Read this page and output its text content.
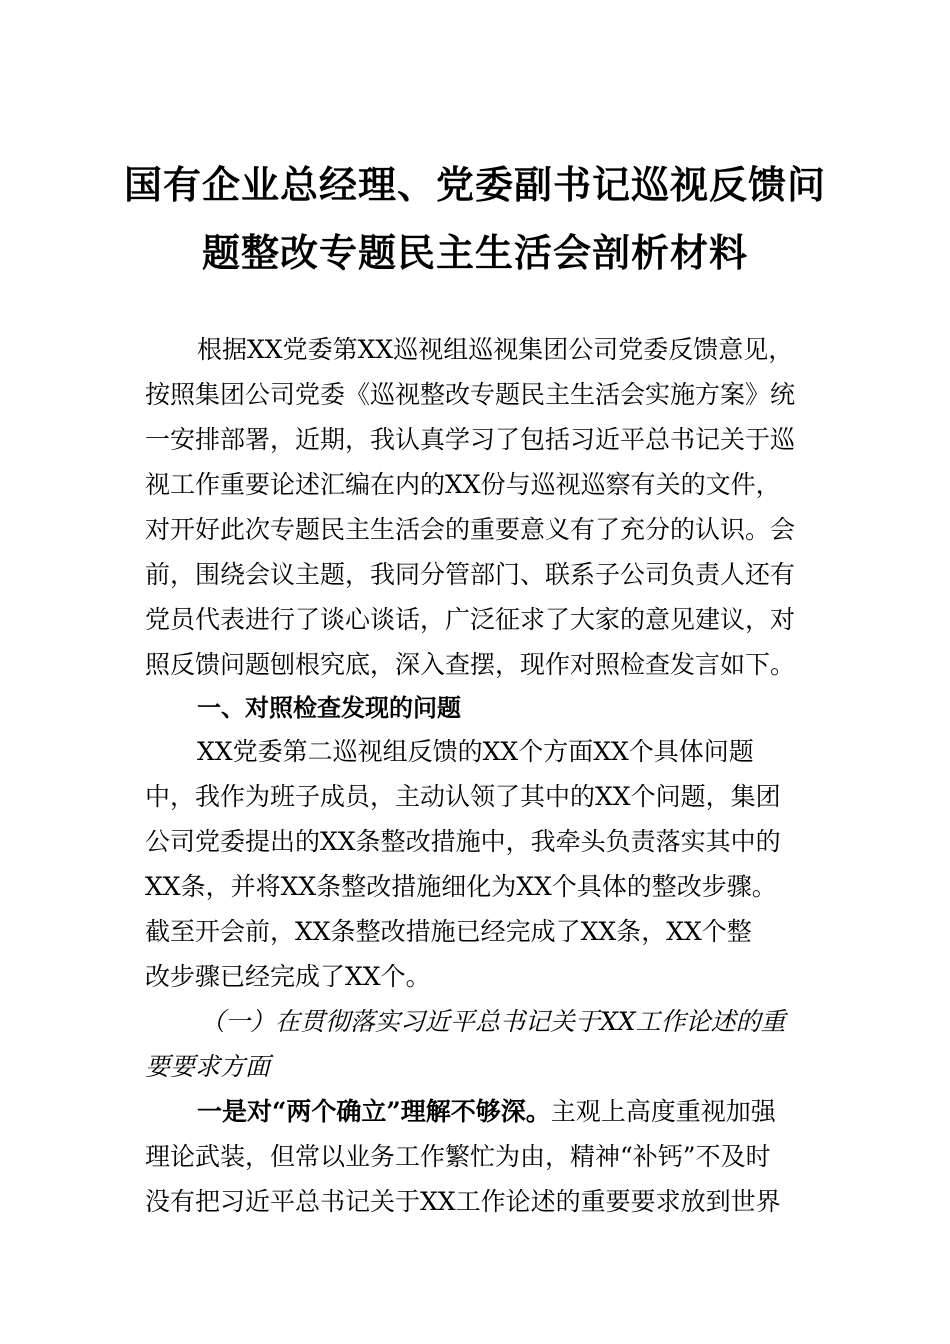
国有企业总经理、党委副书记巡视反馈问
题整改专题民主生活会剖析材料

根据XX党委第XX巡视组巡视集团公司党委反馈意见，

按照集团公司党委《巡视整改专题民主生活会实施方案》统

一安排部署，近期，我认真学习了包括习近平总书记关于巡

视工作重要论述汇编在内的XX份与巡视巡察有关的文件，

对开好此次专题民主生活会的重要意义有了充分的认识。会

前，围绕会议主题，我同分管部门、联系子公司负责人还有

党员代表进行了谈心谈话，广泛征求了大家的意见建议，对

照反馈问题刨根究底，深入查摆，现作对照检查发言如下。

一、对照检查发现的问题

XX党委第二巡视组反馈的XX个方面XX个具体问题

中，我作为班子成员，主动认领了其中的XX个问题，集团

公司党委提出的XX条整改措施中，我牵头负责落实其中的

XX条，并将XX条整改措施细化为XX个具体的整改步骤。

截至开会前，XX条整改措施已经完成了XX条，XX个整

改步骤已经完成了XX个。

（一）在贯彻落实习近平总书记关于XX工作论述的重

要要求方面

一是对“两个确立”理解不够深。主观上高度重视加强

理论武装，但常以业务工作繁忙为由，精神“补钙”不及时

没有把习近平总书记关于XX工作论述的重要要求放到世界
